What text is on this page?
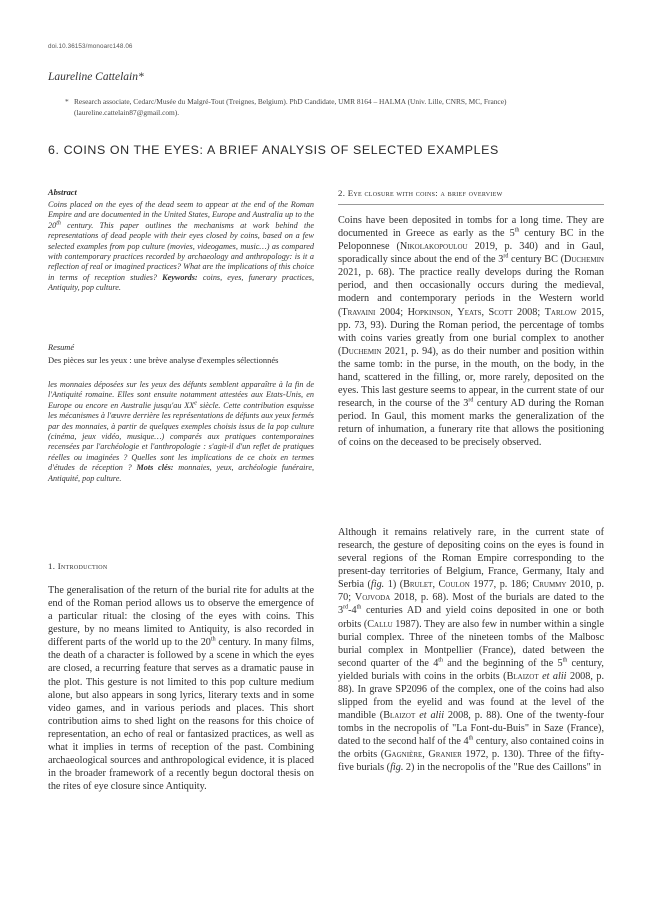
doi.10.36153/monoarc148.06
Laureline Cattelain*
* Research associate, Cedarc/Musée du Malgré-Tout (Treignes, Belgium). PhD Candidate, UMR 8164 – HALMA (Univ. Lille, CNRS, MC, France) (laureline.cattelain87@gmail.com).
6. COINS ON THE EYES: A BRIEF ANALYSIS OF SELECTED EXAMPLES
Abstract
Coins placed on the eyes of the dead seem to appear at the end of the Roman Empire and are documented in the United States, Europe and Australia up to the 20th century. This paper outlines the mechanisms at work behind the representations of dead people with their eyes closed by coins, based on a few selected examples from pop culture (movies, videogames, music…) as compared with contemporary practices recorded by archaeology and anthropology: is it a reflection of real or imagined practices? What are the implications of this choice in terms of reception studies? Keywords: coins, eyes, funerary practices, Antiquity, pop culture.
Resumé
Des pièces sur les yeux : une brève analyse d'exemples sélectionnés
les monnaies déposées sur les yeux des défunts semblent apparaître à la fin de l'Antiquité romaine. Elles sont ensuite notamment attestées aux Etats-Unis, en Europe ou encore en Australie jusqu'au XXe siècle. Cette contribution esquisse les mécanismes à l'œuvre derrière les représentations de défunts aux yeux fermés par des monnaies, à partir de quelques exemples choisis issus de la pop culture (cinéma, jeux vidéo, musique…) comparés aux pratiques contemporaines recensées par l'archéologie et l'anthropologie : s'agit-il d'un reflet de pratiques réelles ou imaginées ? Quelles sont les implications de ce choix en termes d'études de réception ? Mots clés: monnaies, yeux, archéologie funéraire, Antiquité, pop culture.
1. Introduction
The generalisation of the return of the burial rite for adults at the end of the Roman period allows us to observe the emergence of a particular ritual: the closing of the eyes with coins. This gesture, by no means limited to Antiquity, is also recorded in different parts of the world up to the 20th century. In many films, the death of a character is followed by a scene in which the eyes are closed, a recurring feature that serves as a dramatic pause in the plot. This gesture is not limited to this pop culture medium alone, but also appears in song lyrics, literary texts and in some video games, and in various periods and places. This short contribution aims to shed light on the reasons for this choice of representation, an echo of real or fantasized practices, as well as what it implies in terms of reception of the past. Combining archaeological sources and anthropological evidence, it is placed in the broader framework of a recently begun doctoral thesis on the rites of eye closure since Antiquity.
2. Eye closure with coins: a brief overview
Coins have been deposited in tombs for a long time. They are documented in Greece as early as the 5th century BC in the Peloponnese (Nikolakopoulou 2019, p. 340) and in Gaul, sporadically since about the end of the 3rd century BC (Duchemin 2021, p. 68). The practice really develops during the Roman period, and then occasionally occurs during the medieval, modern and contemporary periods in the Western world (Travaini 2004; Hopkinson, Yeats, Scott 2008; Tarlow 2015, pp. 73, 93). During the Roman period, the percentage of tombs with coins varies greatly from one burial complex to another (Duchemin 2021, p. 94), as do their number and position within the same tomb: in the purse, in the mouth, on the body, in the hand, scattered in the filling, or, more rarely, deposited on the eyes. This last gesture seems to appear, in the current state of our research, in the course of the 3rd century AD during the Roman period. In Gaul, this moment marks the generalization of the return of inhumation, a funerary rite that allows the positioning of coins on the deceased to be precisely observed.
Although it remains relatively rare, in the current state of research, the gesture of depositing coins on the eyes is found in several regions of the Roman Empire corresponding to the present-day territories of Belgium, France, Germany, Italy and Serbia (fig. 1) (Brulet, Coulon 1977, p. 186; Crummy 2010, p. 70; Vojvoda 2018, p. 68). Most of the burials are dated to the 3rd-4th centuries AD and yield coins deposited in one or both orbits (Callu 1987). They are also few in number within a single burial complex. Three of the nineteen tombs of the Malbosc burial complex in Montpellier (France), dated between the second quarter of the 4th and the beginning of the 5th century, yielded burials with coins in the orbits (Blaizot et alii 2008, p. 88). In grave SP2096 of the complex, one of the coins had also slipped from the eyelid and was found at the level of the mandible (Blaizot et alii 2008, p. 88). One of the twenty-four tombs in the necropolis of "La Font-du-Buis" in Saze (France), dated to the second half of the 4th century, also contained coins in the orbits (Gagnière, Granier 1972, p. 130). Three of the fifty-five burials (fig. 2) in the necropolis of the "Rue des Caillons" in
